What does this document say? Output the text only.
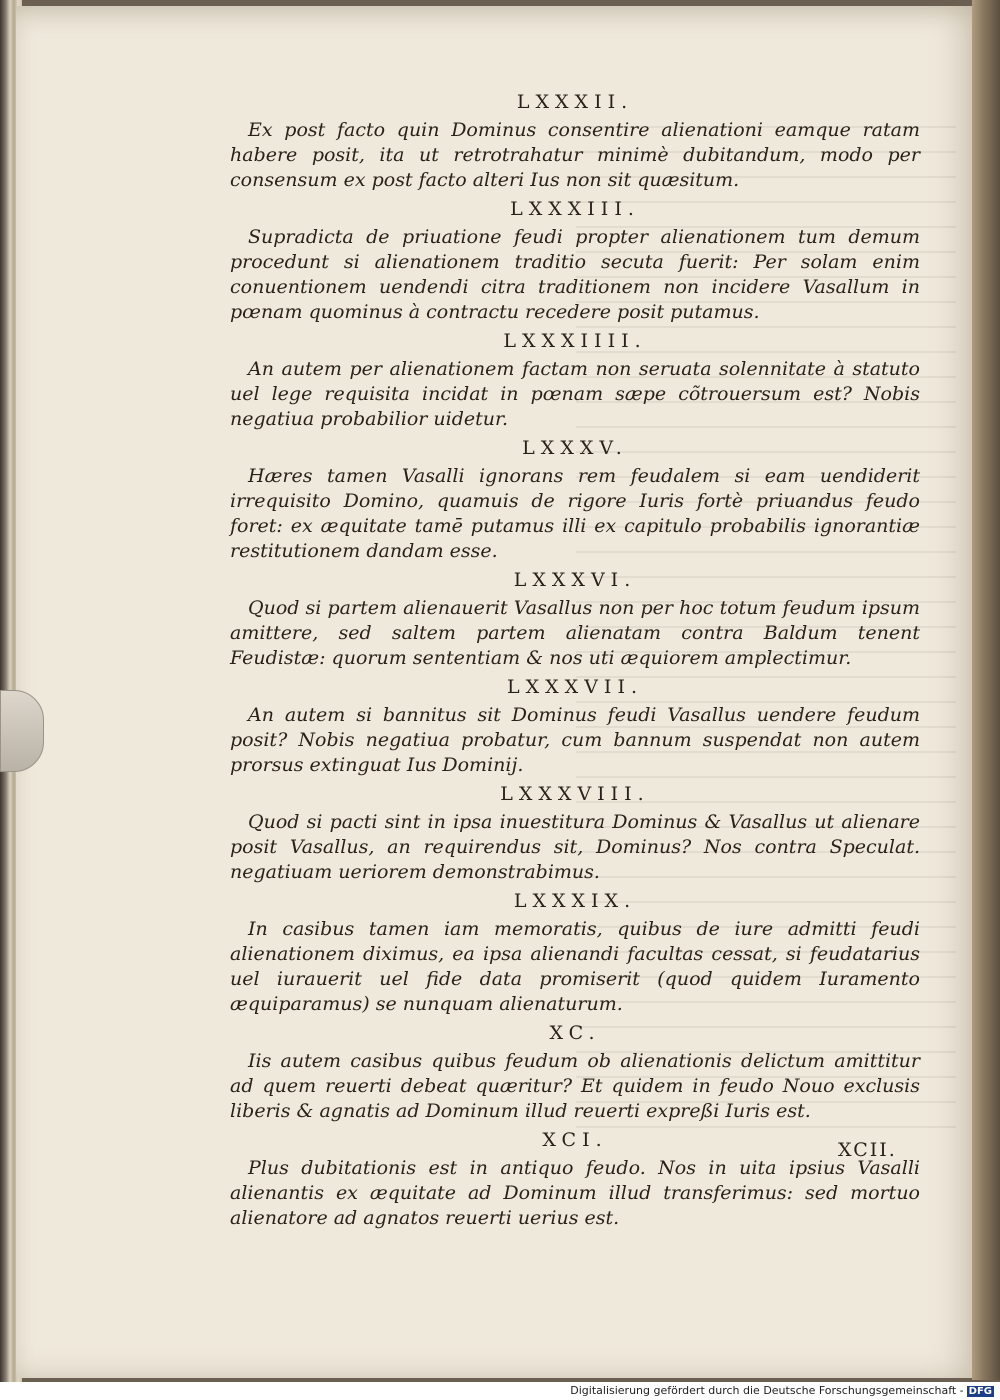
LXXXII.

Ex post facto quin Dominus consentire alienationi eamque ratam habere posit, ita ut retrotrahatur minimè dubitandum, modo per consensum ex post facto alteri Ius non sit quæsitum.

LXXXIII.

Supradicta de priuatione feudi propter alienationem tum demum procedunt si alienationem traditio secuta fuerit: Per solam enim conuentionem uendendi citra traditionem non incidere Vasallum in pœnam quominus à contractu recedere posit putamus.

LXXXIIII.

An autem per alienationem factam non seruata solennitate à statuto uel lege requisita incidat in pœnam sæpe cõtrouersum est? Nobis negatiua probabilior uidetur.

LXXXV.

Hæres tamen Vasalli ignorans rem feudalem si eam uendiderit irrequisito Domino, quamuis de rigore Iuris fortè priuandus feudo foret: ex æquitate tamē putamus illi ex capitulo probabilis ignorantiæ restitutionem dandam esse.

LXXXVI.

Quod si partem alienauerit Vasallus non per hoc totum feudum ipsum amittere, sed saltem partem alienatam contra Baldum tenent Feudistæ: quorum sententiam & nos uti æquiorem amplectimur.

LXXXVII.

An autem si bannitus sit Dominus feudi Vasallus uendere feudum posit? Nobis negatiua probatur, cum bannum suspendat non autem prorsus extinguat Ius Dominij.

LXXXVIII.

Quod si pacti sint in ipsa inuestitura Dominus & Vasallus ut alienare posit Vasallus, an requirendus sit, Dominus? Nos contra Speculat. negatiuam ueriorem demonstrabimus.

LXXXIX.

In casibus tamen iam memoratis, quibus de iure admitti feudi alienationem diximus, ea ipsa alienandi facultas cessat, si feudatarius uel iurauerit uel fide data promiserit (quod quidem Iuramento æquiparamus) se nunquam alienaturum.

XC.

Iis autem casibus quibus feudum ob alienationis delictum amittitur ad quem reuerti debeat quæritur? Et quidem in feudo Nouo exclusis liberis & agnatis ad Dominum illud reuerti expreßi Iuris est.

XCI.

Plus dubitationis est in antiquo feudo. Nos in uita ipsius Vasalli alienantis ex æquitate ad Dominum illud transferimus: sed mortuo alienatore ad agnatos reuerti uerius est.

XCII.
Digitalisierung gefördert durch die Deutsche Forschungsgemeinschaft - DFG
